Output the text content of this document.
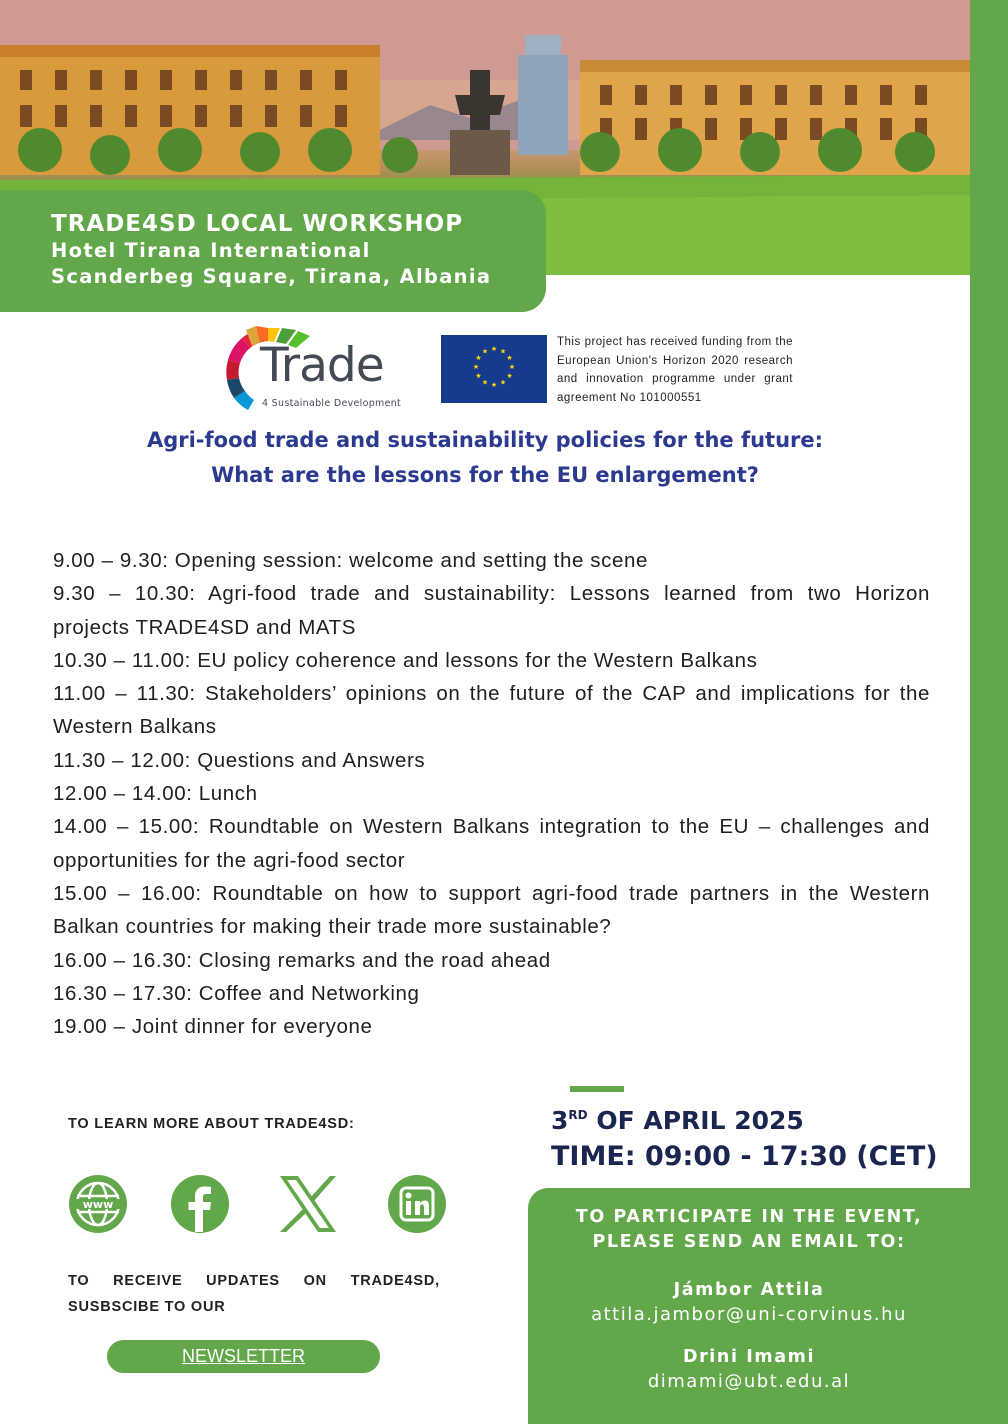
TRADE4SD LOCAL WORKSHOP
Hotel Tirana International
Scanderbeg Square, Tirana, Albania
Trade
4 Sustainable Development
★ ★
★
★
★
★
★
★
★
★
★
★
This project has received funding from the European Union's Horizon 2020 research and innovation programme under grant agreement No 101000551
Agri-food trade and sustainability policies for the future:
What are the lessons for the EU enlargement?
9.00 – 9.30: Opening session: welcome and setting the scene
9.30 – 10.30: Agri-food trade and sustainability: Lessons learned from two Horizon projects TRADE4SD and MATS
10.30 – 11.00: EU policy coherence and lessons for the Western Balkans
11.00 – 11.30: Stakeholders’ opinions on the future of the CAP and implications for the Western Balkans
11.30 – 12.00: Questions and Answers
12.00 – 14.00: Lunch
14.00 – 15.00: Roundtable on Western Balkans integration to the EU – challenges and opportunities for the agri-food sector
15.00 – 16.00: Roundtable on how to support agri-food trade partners in the Western Balkan countries for making their trade more sustainable?
16.00 – 16.30: Closing remarks and the road ahead
16.30 – 17.30: Coffee and Networking
19.00 – Joint dinner for everyone
TO LEARN MORE ABOUT TRADE4SD:
www
TO RECEIVE UPDATES ON TRADE4SD, SUSBSCIBE TO OUR
NEWSLETTER
3RD OF APRIL 2025
TIME: 09:00 - 17:30 (CET)
TO PARTICIPATE IN THE EVENT,
PLEASE SEND AN EMAIL TO:
Jámbor Attila
attila.jambor@uni-corvinus.hu
Drini Imami
dimami@ubt.edu.al
